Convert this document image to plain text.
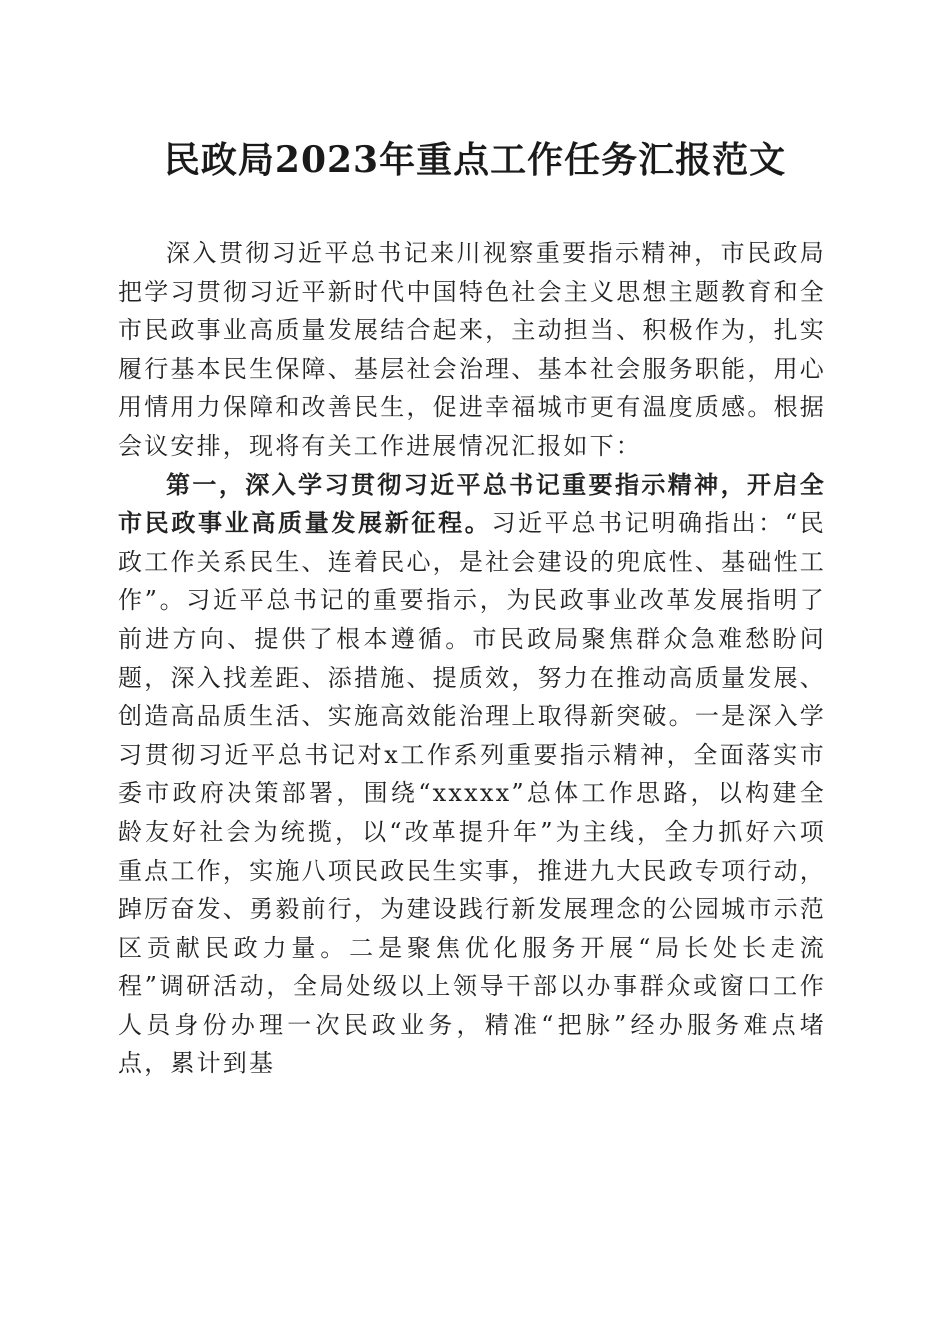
民政局2023年重点工作任务汇报范文

深入贯彻习近平总书记来川视察重要指示精神，市民政局把学习贯彻习近平新时代中国特色社会主义思想主题教育和全市民政事业高质量发展结合起来，主动担当、积极作为，扎实履行基本民生保障、基层社会治理、基本社会服务职能，用心用情用力保障和改善民生，促进幸福城市更有温度质感。根据会议安排，现将有关工作进展情况汇报如下：

第一，深入学习贯彻习近平总书记重要指示精神，开启全市民政事业高质量发展新征程。习近平总书记明确指出：“民政工作关系民生、连着民心，是社会建设的兜底性、基础性工作”。习近平总书记的重要指示，为民政事业改革发展指明了前进方向、提供了根本遵循。市民政局聚焦群众急难愁盼问题，深入找差距、添措施、提质效，努力在推动高质量发展、创造高品质生活、实施高效能治理上取得新突破。一是深入学习贯彻习近平总书记对x工作系列重要指示精神，全面落实市委市政府决策部署，围绕“xxxxx”总体工作思路，以构建全龄友好社会为统揽，以“改革提升年”为主线，全力抓好六项重点工作，实施八项民政民生实事，推进九大民政专项行动，踔厉奋发、勇毅前行，为建设践行新发展理念的公园城市示范区贡献民政力量。二是聚焦优化服务开展“局长处长走流程”调研活动，全局处级以上领导干部以办事群众或窗口工作人员身份办理一次民政业务，精准“把脉”经办服务难点堵点，累计到基
